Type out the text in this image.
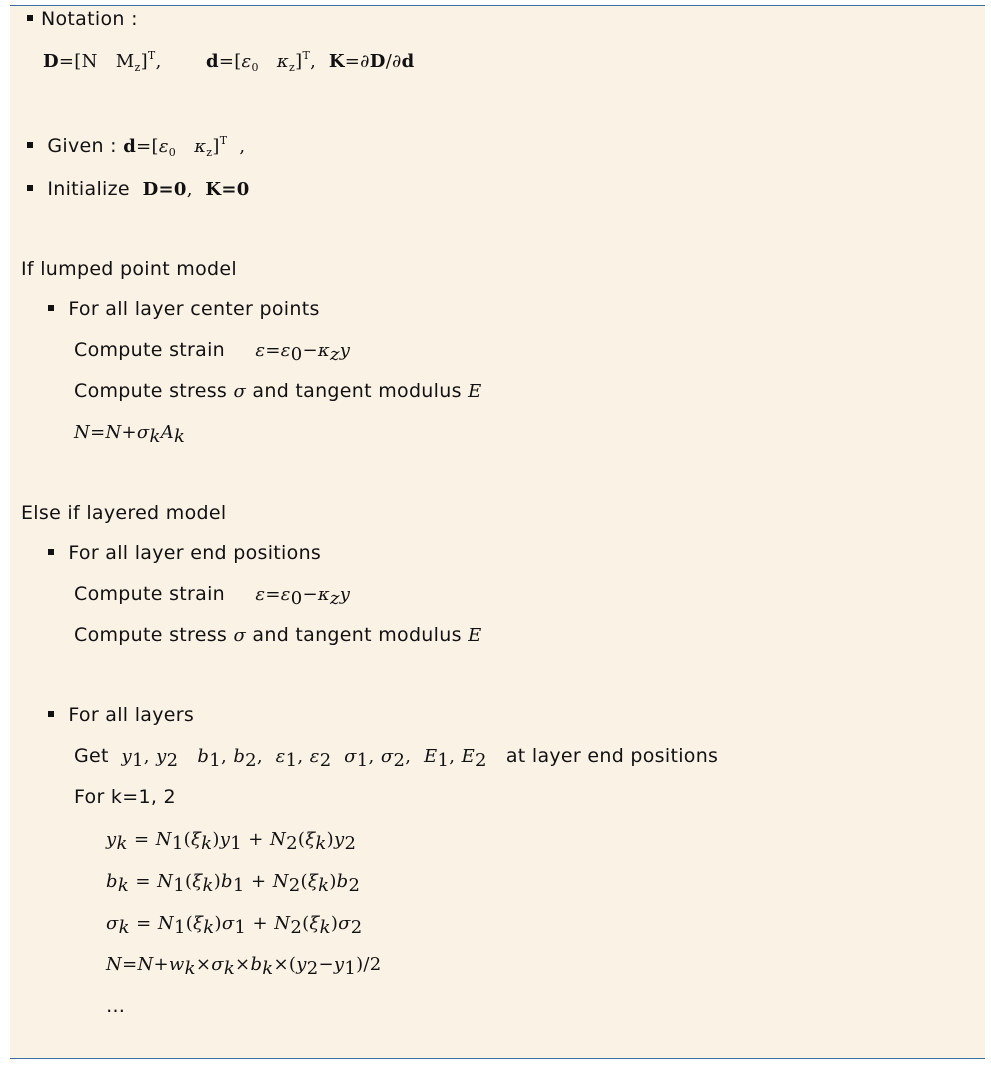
Notation :
D=[N   $M_z]^T$, $d=[\varepsilon_0$ $\kappa_z]^T$, K=∂D/∂d
Given : $d=[\varepsilon_0$ $\kappa_z]^T$  ,
Initialize D=0, K=0
If lumped point model
For all layer center points
Compute strain $\varepsilon=\varepsilon_0-\kappa_zy$
Compute stress σ and tangent modulus E
$N=N+\sigma_kA_k$
Else if layered model
For all layer end positions
Compute strain $\varepsilon=\varepsilon_0-\kappa_zy$
Compute stress σ and tangent modulus E
For all layers
Get $y_1$, $y_2$ $b_1$, $b_2$, $\varepsilon_1$, $\varepsilon_2$ $\sigma_1$, $\sigma_2$, $E_1$, $E_2$ at layer end positions
For k=1, 2
$y_k = N_1(\xi_k)y_1 + N_2(\xi_k)y_2$
$b_k = N_1(\xi_k)b_1 + N_2(\xi_k)b_2$
$\sigma_k = N_1(\xi_k)\sigma_1 + N_2(\xi_k)\sigma_2$
$N=N+w_k\times\sigma_k\times b_k\times(y_2-y_1)/2$
…
